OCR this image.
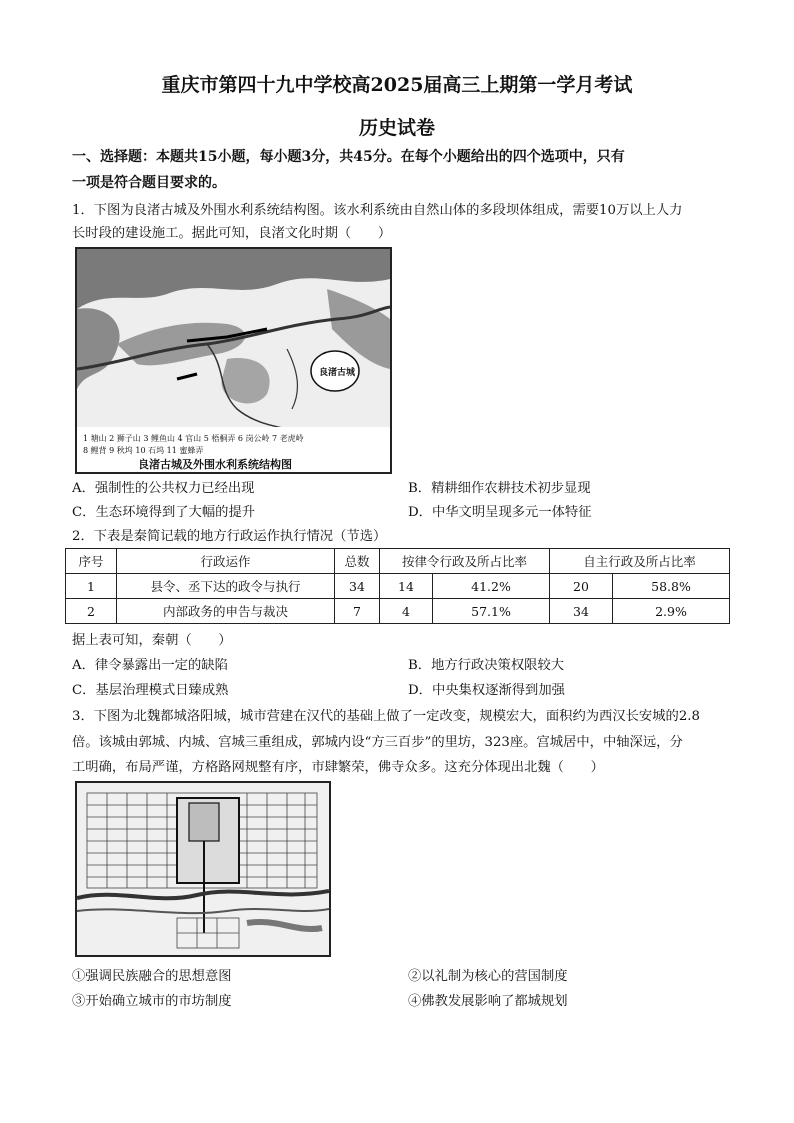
重庆市第四十九中学校高2025届高三上期第一学月考试
历史试卷
一、选择题：本题共15小题，每小题3分，共45分。在每个小题给出的四个选项中，只有
一项是符合题目要求的。
1．下图为良渚古城及外围水利系统结构图。该水利系统由自然山体的多段坝体组成，需要10万以上人力
长时段的建设施工。据此可知，良渚文化时期（　　）
良渚古城
1 塘山 2 狮子山 3 鲤鱼山 4 官山 5 梧桐弄 6 岗公岭 7 老虎岭
8 鲤背 9 秋坞 10 石坞 11 蜜蜂弄
良渚古城及外围水利系统结构图
A．强制性的公共权力已经出现	B．精耕细作农耕技术初步显现
C．生态环境得到了大幅的提升	D．中华文明呈现多元一体特征
2．下表是秦简记载的地方行政运作执行情况（节选）
序号	行政运作	总数	按律令行政及所占比率		自主行政及所占比率	
1	县令、丞下达的政令与执行	34	14	41.2%	20	58.8%
2	内部政务的申告与裁决	7	4	57.1%	34	2.9%
据上表可知，秦朝（　　）
A．律令暴露出一定的缺陷	B．地方行政决策权限较大
C．基层治理模式日臻成熟	D．中央集权逐渐得到加强
3．下图为北魏都城洛阳城，城市营建在汉代的基础上做了一定改变，规模宏大，面积约为西汉长安城的2.8
倍。该城由郭城、内城、宫城三重组成，郭城内设“方三百步”的里坊，323座。宫城居中，中轴深远，分
工明确，布局严谨，方格路网规整有序，市肆繁荣，佛寺众多。这充分体现出北魏（　　）
①强调民族融合的思想意图	②以礼制为核心的营国制度
③开始确立城市的市坊制度	④佛教发展影响了都城规划
